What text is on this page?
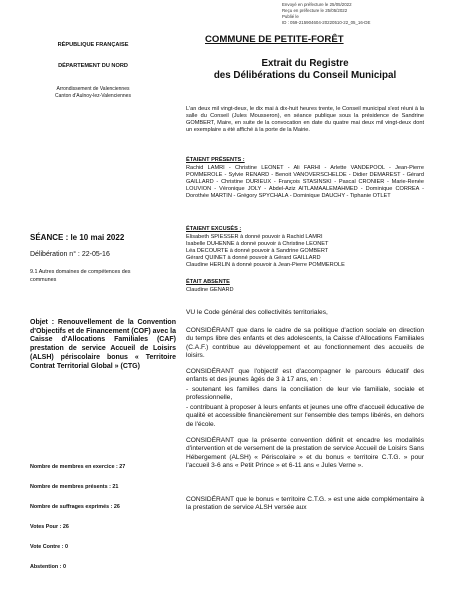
Envoyé en préfecture le 25/05/2022
Reçu en préfecture le 25/05/2022
Publié le
ID : 059-215904604-20220510-22_05_16-DE
RÉPUBLIQUE FRANÇAISE
DÉPARTEMENT DU NORD
Arrondissement de Valenciennes
Canton d'Aulnoy-lez-Valenciennes
COMMUNE DE PETITE-FORÊT
Extrait du Registre
des Délibérations du Conseil Municipal
L'an deux mil vingt-deux, le dix mai à dix-huit heures trente, le Conseil municipal s'est réuni à la salle du Conseil (Jules Mousseron), en séance publique sous la présidence de Sandrine GOMBERT, Maire, en suite de la convocation en date du quatre mai deux mil vingt-deux dont un exemplaire a été affiché à la porte de la Mairie.
ÉTAIENT PRÉSENTS :
Rachid LAMRI - Christine LEONET - Ali FARHI - Arlette VANDEPOOL - Jean-Pierre POMMEROLE - Sylvie RENARD - Benoit VANOVERSCHELDE - Didier DEMAREST - Gérard GAILLARD - Christine DURIEUX - François STASINSKI - Pascal CRONIER - Marie-Renée LOUVION - Véronique JOLY - Abdel-Aziz AITLAMAALEMAHMED - Dominique CORREA - Dorothée MARTIN - Grégory SPYCHALA - Dominique DAUCHY - Tiphanie OTLET
ÉTAIENT EXCUSÉS :
Elisabeth SPIESSER à donné pouvoir à Rachid LAMRI
Isabelle DUHENNE à donné pouvoir à Christine LEONET
Léa DECOURTE à donné pouvoir à Sandrine GOMBERT
Gérard QUINET à donné pouvoir à Gérard GAILLARD
Claudine HERLIN à donné pouvoir à Jean-Pierre POMMEROLE
ÉTAIT ABSENTE
Claudine GENARD
SÉANCE : le 10 mai 2022
Délibération n° : 22-05-16
9.1 Autres domaines de compétences des communes
Objet : Renouvellement de la Convention d'Objectifs et de Financement (COF) avec la Caisse d'Allocations Familiales (CAF) prestation de service Accueil de Loisirs (ALSH) périscolaire bonus « Territoire Contrat Territorial Global » (CTG)
Nombre de membres en exercice : 27
Nombre de membres présents : 21
Nombre de suffrages exprimés : 26
Votes Pour : 26
Vote Contre : 0
Abstention : 0
VU le Code général des collectivités territoriales,
CONSIDÉRANT que dans le cadre de sa politique d'action sociale en direction du temps libre des enfants et des adolescents, la Caisse d'Allocations Familiales (C.A.F.) contribue au développement et au fonctionnement des accueils de loisirs.
CONSIDÉRANT que l'objectif est d'accompagner le parcours éducatif des enfants et des jeunes âgés de 3 à 17 ans, en :
- soutenant les familles dans la conciliation de leur vie familiale, sociale et professionnelle,
- contribuant à proposer à leurs enfants et jeunes une offre d'accueil éducative de qualité et accessible financièrement sur l'ensemble des temps libérés, en dehors de l'école.
CONSIDÉRANT que la présente convention définit et encadre les modalités d'intervention et de versement de la prestation de service Accueil de Loisirs Sans Hébergement (ALSH) « Périscolaire » et du bonus « territoire C.T.G. » pour l'accueil 3-6 ans « Petit Prince » et 6-11 ans « Jules Verne ».
CONSIDÉRANT que le bonus « territoire C.T.G. » est une aide complémentaire à la prestation de service ALSH versée aux
